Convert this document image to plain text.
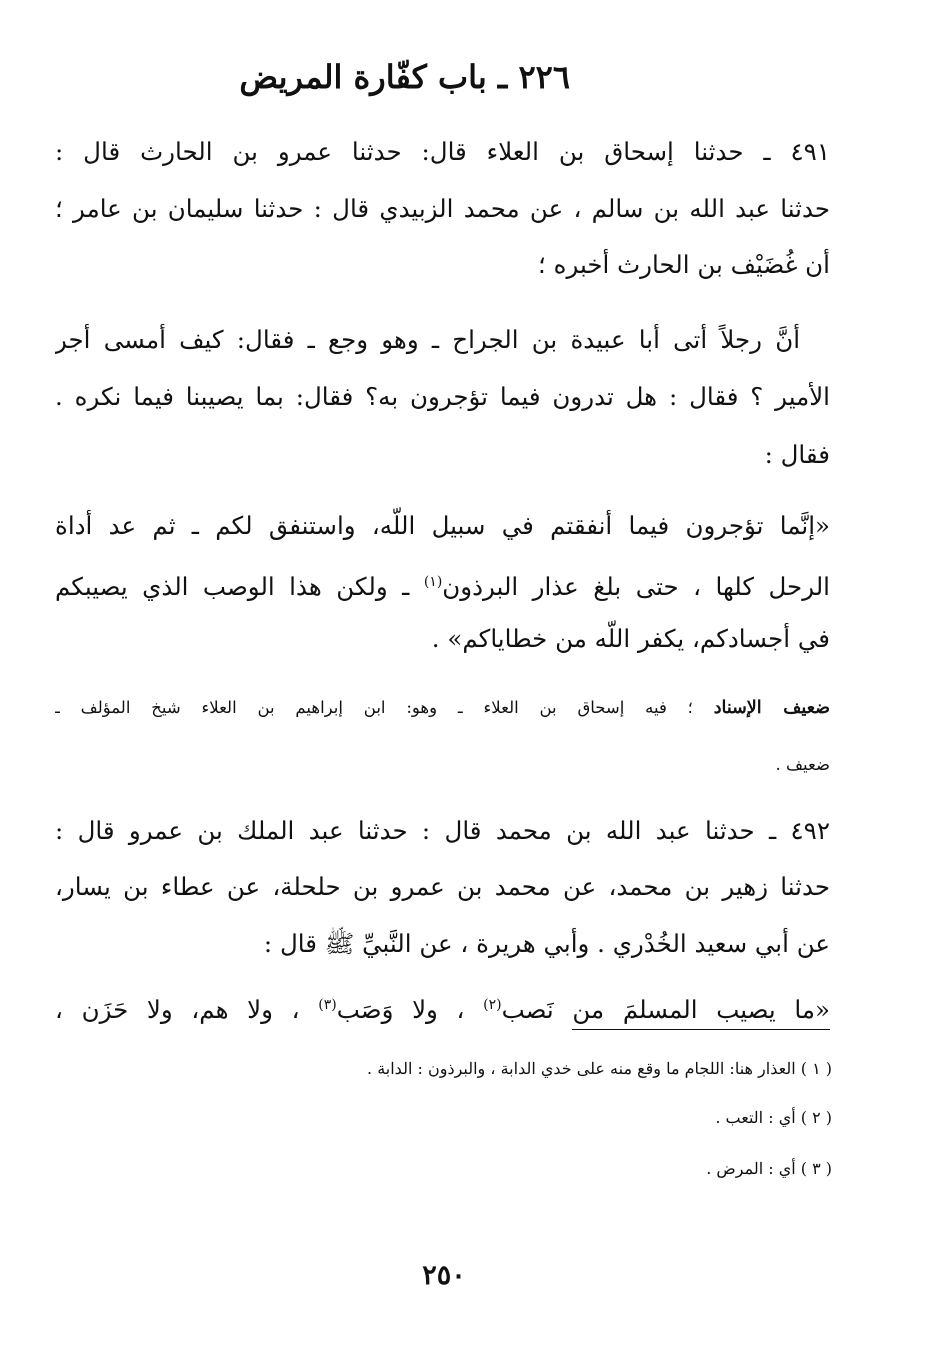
٢٢٦ ـ باب كفّارة المريض
٤٩١ ـ حدثنا إسحاق بن العلاء قال: حدثنا عمرو بن الحارث قال :
حدثنا عبد الله بن سالم ، عن محمد الزبيدي قال : حدثنا سليمان بن عامر ؛
أن غُضَيْف بن الحارث أخبره ؛
أنَّ رجلاً أتى أبا عبيدة بن الجراح ـ وهو وجع ـ فقال: كيف أمسى أجر
الأمير ؟ فقال : هل تدرون فيما تؤجرون به؟ فقال: بما يصيبنا فيما نكره .
فقال :
«إنَّما تؤجرون فيما أنفقتم في سبيل اللّه، واستنفق لكم ـ ثم عد أداة
الرحل كلها ، حتى بلغ عذار البرذون$^{(١)}$ ـ ولكن هذا الوصب الذي يصيبكم
في أجسادكم، يكفر اللّه من خطاياكم» .
ضعيف الإسناد ؛ فيه إسحاق بن العلاء ـ وهو: ابن إبراهيم بن العلاء شيخ المؤلف ـ
ضعيف .
٤٩٢ ـ حدثنا عبد الله بن محمد قال : حدثنا عبد الملك بن عمرو قال :
حدثنا زهير بن محمد، عن محمد بن عمرو بن حلحلة، عن عطاء بن يسار،
عن أبي سعيد الخُدْري . وأبي هريرة ، عن النَّبيِّ ﷺ قال :
«ما يصيب المسلمَ من نَصب$^{(٢)}$ ، ولا وَصَب$^{(٣)}$ ، ولا هم، ولا حَزَن ،
( ١ ) العذار هنا: اللجام ما وقع منه على خدي الدابة ، والبرذون : الدابة .
( ٢ ) أي : التعب .
( ٣ ) أي : المرض .
٢٥٠
